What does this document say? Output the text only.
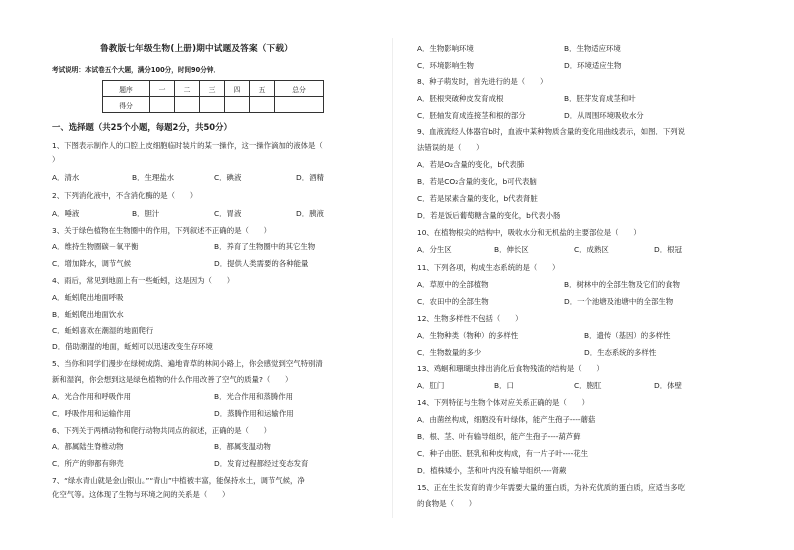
鲁教版七年级生物(上册)期中试题及答案（下载）
考试说明：本试卷五个大题，满分100分，时间90分钟．
题序	一	二	三	四	五	总分
得分						
一、选择题（共25个小题，每题2分，共50分）
1、下图表示制作人的口腔上皮细胞临时装片的某一操作，这一操作滴加的液体是（
）
A．清水	B．生理盐水	C．碘液	D．酒精
2、下列消化液中，不含消化酶的是（　　）
A．唾液	B．胆汁	C．胃液	D．胰液
3、关于绿色植物在生物圈中的作用，下列叙述不正确的是（　　）
A．维持生物圈碳－氧平衡	B．养育了生物圈中的其它生物
C．增加降水，调节气候	D．提供人类需要的各种能量
4、雨后，常见到地面上有一些蚯蚓，这是因为（　　）
A．蚯蚓爬出地面呼吸
B．蚯蚓爬出地面饮水
C．蚯蚓喜欢在潮湿的地面爬行
D．借助潮湿的地面，蚯蚓可以迅速改变生存环境
5、当你和同学们漫步在绿树成荫、遍地青草的林间小路上，你会感觉到空气特别清
新和湿润，你会想到这是绿色植物的什么作用改善了空气的质量?（　　）
A．光合作用和呼吸作用	B．光合作用和蒸腾作用
C．呼吸作用和运输作用	D．蒸腾作用和运输作用
6、下列关于两栖动物和爬行动物共同点的叙述，正确的是（　　）
A．都属陆生脊椎动物	B．都属变温动物
C．所产的卵都有卵壳	D．发育过程都经过变态发育
7、“绿水青山就是金山银山。”“青山”中植被丰富，能保持水土，调节气候，净
化空气等。这体现了生物与环境之间的关系是（　　）
A．生物影响环境	B．生物适应环境
C．环境影响生物	D．环境适应生物
8、种子萌发时，首先进行的是（　　）
A．胚根突破种皮发育成根	B．胚芽发育成茎和叶
C．胚轴发育成连接茎和根的部分	D．从周围环境吸收水分
9、血液流经人体器官b时，血液中某种物质含量的变化用曲线表示，如图．下列说
法错误的是（　　）
A．若是O₂含量的变化，b代表肺
B．若是CO₂含量的变化，b可代表脑
C．若是尿素含量的变化，b代表肾脏
D．若是饭后葡萄糖含量的变化，b代表小肠
10、在植物根尖的结构中，吸收水分和无机盐的主要部位是（　　）
A．分生区	B．伸长区	C．成熟区	D．根冠
11、下列各项，构成生态系统的是（　　）
A．草原中的全部植物	B．树林中的全部生物及它们的食物
C．农田中的全部生物	D．一个池塘及池塘中的全部生物
12、生物多样性不包括（　　）
A．生物种类（物种）的多样性	B．遗传（基因）的多样性
C．生物数量的多少	D．生态系统的多样性
13、鸡蛔和珊瑚虫排出消化后食物残渣的结构是（　　）
A．肛门	B．口	C．胞肛	D．体壁
14、下列特征与生物个体对应关系正确的是（　　）
A．由菌丝构成，细胞没有叶绿体，能产生孢子----蘑菇
B．根、茎、叶有输导组织，能产生孢子----葫芦藓
C．种子由胚、胚乳和种皮构成，有一片子叶----花生
D．植株矮小，茎和叶内没有输导组织----肾蕨
15、正在生长发育的青少年需要大量的蛋白质，为补充优质的蛋白质，应适当多吃
的食物是（　　）
